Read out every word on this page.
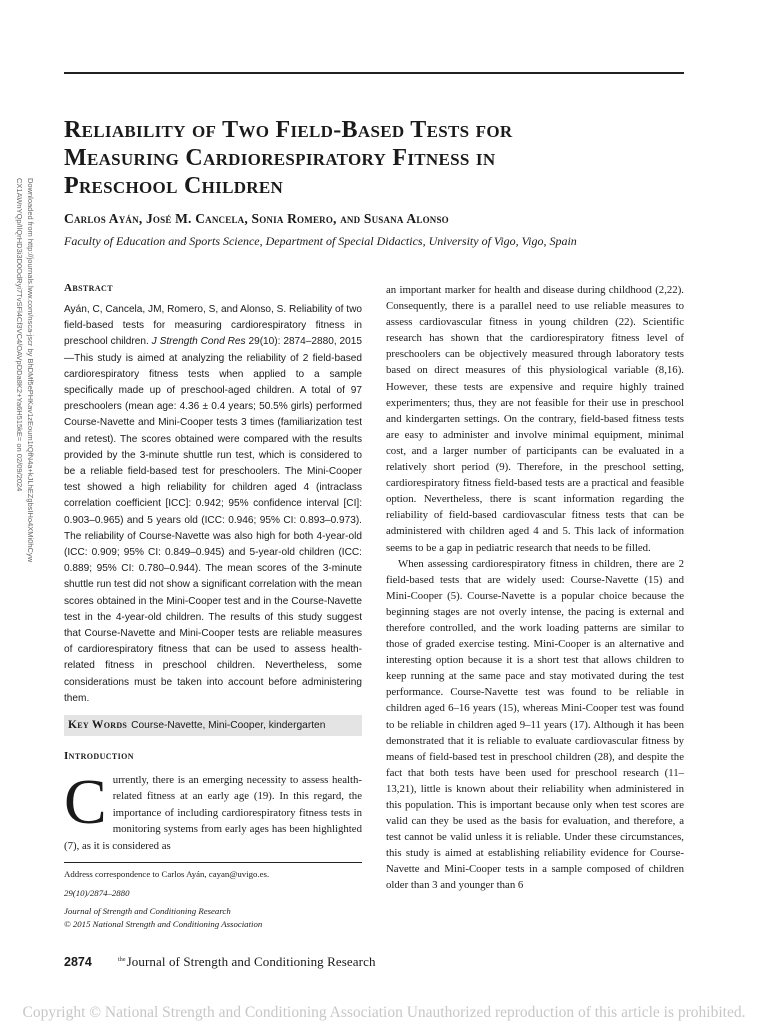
Downloaded from http://journals.lww.com/nsca-jscr by BhDMf5ePHKav1zEoum1tQfN4a+kJLhEZgbsIHo4XMi0hCyw
CX1AWnYQp/IlQrHD3i3D0OdRyi7TvSFl4Cf3VC4/OAVpDDa8K2+Ya6H515kE= on 02/09/2024
Reliability of Two Field-Based Tests for
Measuring Cardiorespiratory Fitness in
Preschool Children
Carlos Ayán, José M. Cancela, Sonia Romero, and Susana Alonso
Faculty of Education and Sports Science, Department of Special Didactics, University of Vigo, Vigo, Spain
Abstract

Ayán, C, Cancela, JM, Romero, S, and Alonso, S. Reliability of two field-based tests for measuring cardiorespiratory fitness in preschool children. J Strength Cond Res 29(10): 2874–2880, 2015—This study is aimed at analyzing the reliability of 2 field-based cardiorespiratory fitness tests when applied to a sample specifically made up of preschool-aged children. A total of 97 preschoolers (mean age: 4.36 ± 0.4 years; 50.5% girls) performed Course-Navette and Mini-Cooper tests 3 times (familiarization test and retest). The scores obtained were compared with the results provided by the 3-minute shuttle run test, which is considered to be a reliable field-based test for preschoolers. The Mini-Cooper test showed a high reliability for children aged 4 (intraclass correlation coefficient [ICC]: 0.942; 95% confidence interval [CI]: 0.903–0.965) and 5 years old (ICC: 0.946; 95% CI: 0.893–0.973). The reliability of Course-Navette was also high for both 4-year-old (ICC: 0.909; 95% CI: 0.849–0.945) and 5-year-old children (ICC: 0.889; 95% CI: 0.780–0.944). The mean scores of the 3-minute shuttle run test did not show a significant correlation with the mean scores obtained in the Mini-Cooper test and in the Course-Navette test in the 4-year-old children. The results of this study suggest that Course-Navette and Mini-Cooper tests are reliable measures of cardiorespiratory fitness that can be used to assess health-related fitness in preschool children. Nevertheless, some considerations must be taken into account before administering them.

Key Words Course-Navette, Mini-Cooper, kindergarten
Introduction

Currently, there is an emerging necessity to assess health-related fitness at an early age (19). In this regard, the importance of including cardiorespiratory fitness tests in monitoring systems from early ages has been highlighted (7), as it is considered as

Address correspondence to Carlos Ayán, cayan@uvigo.es.
29(10)/2874–2880
Journal of Strength and Conditioning Research
© 2015 National Strength and Conditioning Association

an important marker for health and disease during childhood (2,22). Consequently, there is a parallel need to use reliable measures to assess cardiovascular fitness in young children (22). Scientific research has shown that the cardiorespiratory fitness level of preschoolers can be objectively measured through laboratory tests based on direct measures of this physiological variable (8,16). However, these tests are expensive and require highly trained experimenters; thus, they are not feasible for their use in preschool and kindergarten settings. On the contrary, field-based fitness tests are easy to administer and involve minimal equipment, minimal cost, and a larger number of participants can be evaluated in a relatively short period (9). Therefore, in the preschool setting, cardiorespiratory fitness field-based tests are a practical and feasible option. Nevertheless, there is scant information regarding the reliability of field-based cardiovascular fitness tests that can be administered with children aged 4 and 5. This lack of information seems to be a gap in pediatric research that needs to be filled.

When assessing cardiorespiratory fitness in children, there are 2 field-based tests that are widely used: Course-Navette (15) and Mini-Cooper (5). Course-Navette is a popular choice because the beginning stages are not overly intense, the pacing is external and therefore controlled, and the work loading patterns are similar to those of graded exercise testing. Mini-Cooper is an alternative and interesting option because it is a short test that allows children to keep running at the same pace and stay motivated during the test performance. Course-Navette test was found to be reliable in children aged 6–16 years (15), whereas Mini-Cooper test was found to be reliable in children aged 9–11 years (17). Although it has been demonstrated that it is reliable to evaluate cardiovascular fitness by means of field-based test in preschool children (28), and despite the fact that both tests have been used for preschool research (11–13,21), little is known about their reliability when administered in this population. This is important because only when test scores are valid can they be used as the basis for evaluation, and therefore, a test cannot be valid unless it is reliable. Under these circumstances, this study is aimed at establishing reliability evidence for Course-Navette and Mini-Cooper tests in a sample composed of children older than 3 and younger than 6

2874	$^{the}$Journal of Strength and Conditioning Research
Copyright © National Strength and Conditioning Association Unauthorized reproduction of this article is prohibited.
